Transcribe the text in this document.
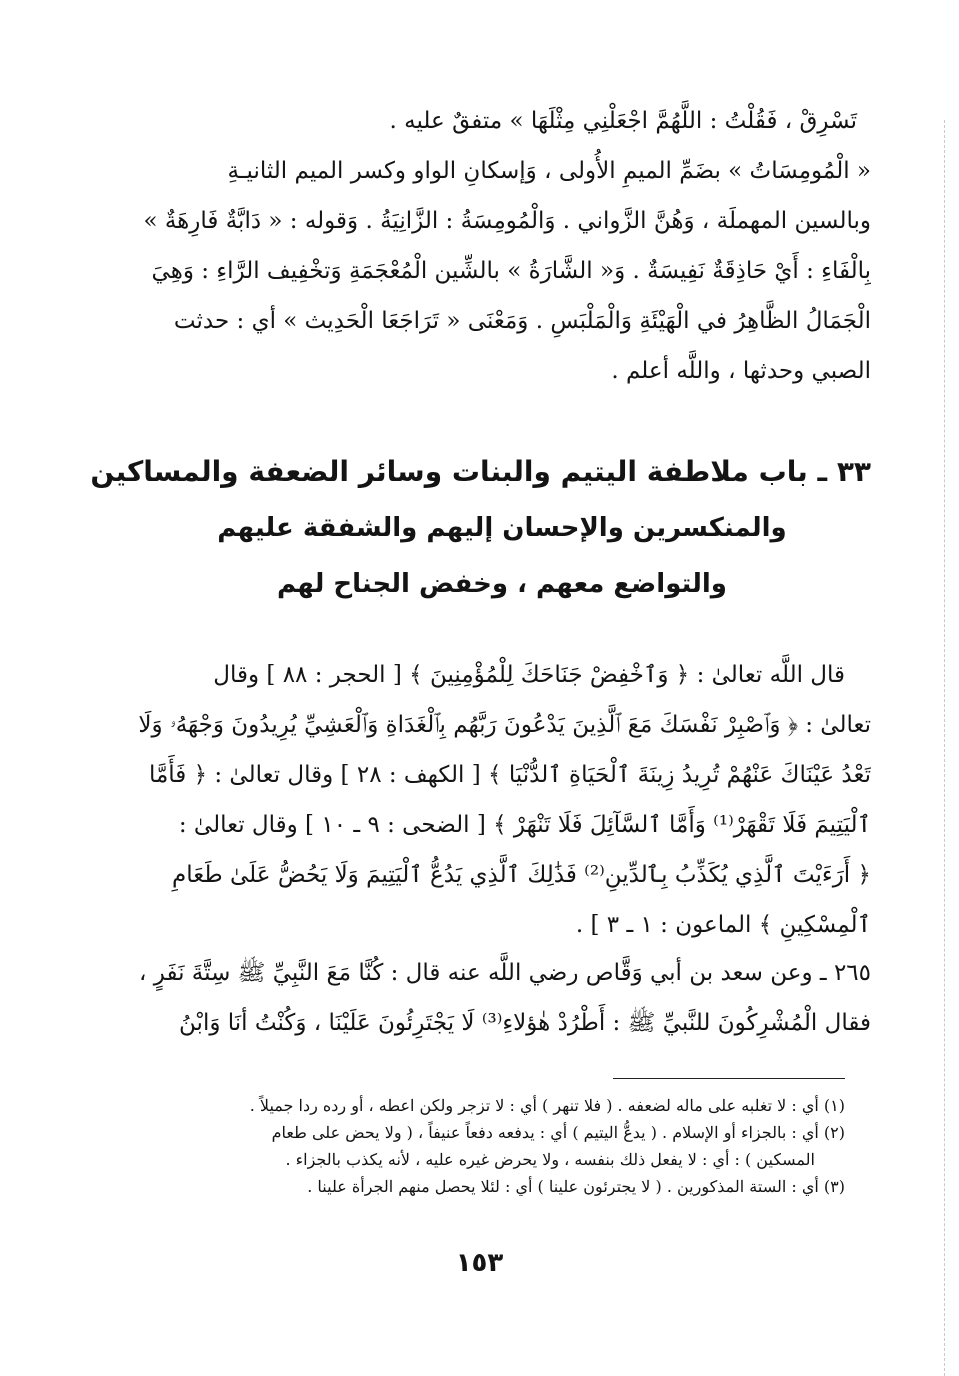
تَسْرِقْ ، فَقُلْتُ : اللَّهُمَّ اجْعَلْنِي مِثْلَهَا » متفقٌ عليه .
« الْمُومِسَاتُ » بضَمِّ الميمِ الأُولى ، وَإسكانِ الواو وكسر الميم الثانيـةِ
وبالسين المهملَة ، وَهُنَّ الزَّواني . وَالْمُومِسَةُ : الزَّانِيَةُ . وَقوله : « دَابَّةٌ فَارِهَةٌ »
بِالْفَاءِ : أَيْ حَاذِقَةٌ نَفِيسَةٌ . وَ« الشَّارَةُ » بالشِّين الْمُعْجَمَةِ وَتخْفِيف الرَّاءِ : وَهِيَ
الْجَمَالُ الظَّاهِرُ في الْهَيْئَةِ وَالْمَلْبَسِ . وَمَعْنَى « تَرَاجَعَا الْحَدِيث » أي : حدثت
الصبي وحدثها ، واللَّه أعلم .
٣٣ ـ باب ملاطفة اليتيم والبنات وسائر الضعفة والمساكين
والمنكسرين والإحسان إليهم والشفقة عليهم
والتواضع معهم ، وخفض الجناح لهم
قال اللَّه تعالىٰ : ﴿ وَٱخْفِضْ جَنَاحَكَ لِلْمُؤْمِنِينَ ﴾ [ الحجر : ٨٨ ] وقال
تعالىٰ : ﴿ وَٱصْبِرْ نَفْسَكَ مَعَ ٱلَّذِينَ يَدْعُونَ رَبَّهُم بِٱلْغَدَاةِ وَٱلْعَشِيِّ يُرِيدُونَ وَجْهَهُۥ وَلَا
تَعْدُ عَيْنَاكَ عَنْهُمْ تُرِيدُ زِينَةَ ٱلْحَيَاةِ ٱلدُّنْيَا ﴾ [ الكهف : ٢٨ ] وقال تعالىٰ : ﴿ فَأَمَّا
ٱلْيَتِيمَ فَلَا تَقْهَرْ⁽¹⁾ وَأَمَّا ٱلسَّآئِلَ فَلَا تَنْهَرْ ﴾ [ الضحى : ٩ ـ ١٠ ] وقال تعالىٰ :
﴿ أَرَءَيْتَ ٱلَّذِي يُكَذِّبُ بِٱلدِّينِ⁽²⁾ فَذَٰلِكَ ٱلَّذِي يَدُعُّ ٱلْيَتِيمَ وَلَا يَحُضُّ عَلَىٰ طَعَامِ
ٱلْمِسْكِينِ ﴾ الماعون : ١ ـ ٣ ] .
٢٦٥ ـ وعن سعد بن أبي وَقَّاص رضي اللَّه عنه قال : كُنَّا مَعَ النَّبِيِّ ﷺ سِتَّةَ نَفَرٍ ،
فقال الْمُشْرِكُونَ للنَّبيِّ ﷺ : أَطْرُدْ هٰؤلاءِ⁽³⁾ لَا يَجْتَرِئُونَ عَلَيْنَا ، وَكُنْتُ أنَا وَابْنُ
(١) أي : لا تغلبه على ماله لضعفه . ( فلا تنهر ) أي : لا تزجر ولكن اعطه ، أو رده ردا جميلاً .
(٢) أي : بالجزاء أو الإسلام . ( يدعُّ اليتيم ) أي : يدفعه دفعاً عنيفاً ، ( ولا يحض على طعام
المسكين ) : أي : لا يفعل ذلك بنفسه ، ولا يحرض غيره عليه ، لأنه يكذب بالجزاء .
(٣) أي : الستة المذكورين . ( لا يجترئون علينا ) أي : لئلا يحصل منهم الجرأة علينا .
١٥٣
